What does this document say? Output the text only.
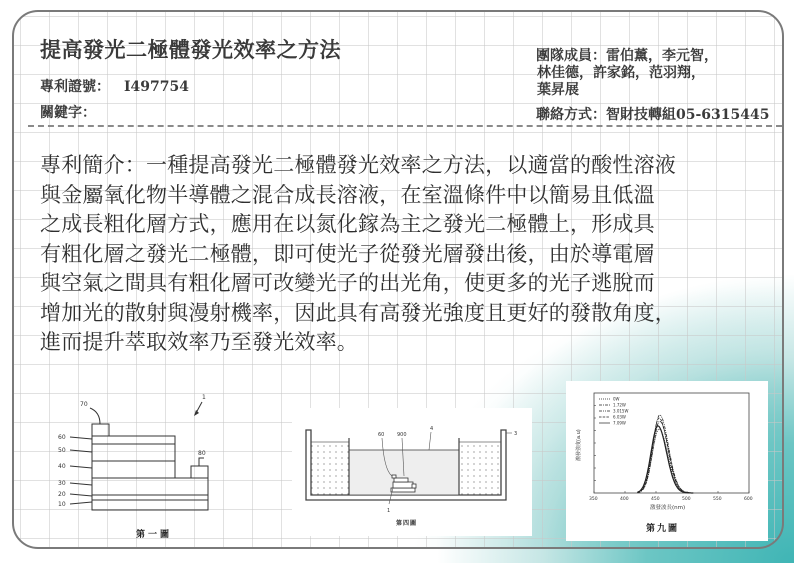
提高發光二極體發光效率之方法
專利證號： I497754
關鍵字：
團隊成員：雷伯薰，李元智，
林佳德，許家銘，范羽翔，
葉昇展
聯絡方式：智財技轉組05-6315445
專利簡介：一種提高發光二極體發光效率之方法，以適當的酸性溶液
與金屬氧化物半導體之混合成長溶液，在室溫條件中以簡易且低溫
之成長粗化層方式，應用在以氮化鎵為主之發光二極體上，形成具
有粗化層之發光二極體，即可使光子從發光層發出後，由於導電層
與空氣之間具有粗化層可改變光子的出光角，使更多的光子逃脫而
增加光的散射與漫射機率，因此具有高發光強度且更好的發散角度，
進而提升萃取效率乃至發光效率。
70
60
50
40
30
20
10
80
1
第一圖
60	900
4
3
1
第四圖
350	400	450	500	550	600
0W
1.72W
3.015W
6.03W
7.09W
激發波長(nm)
激發強度(a.u)
第九圖
